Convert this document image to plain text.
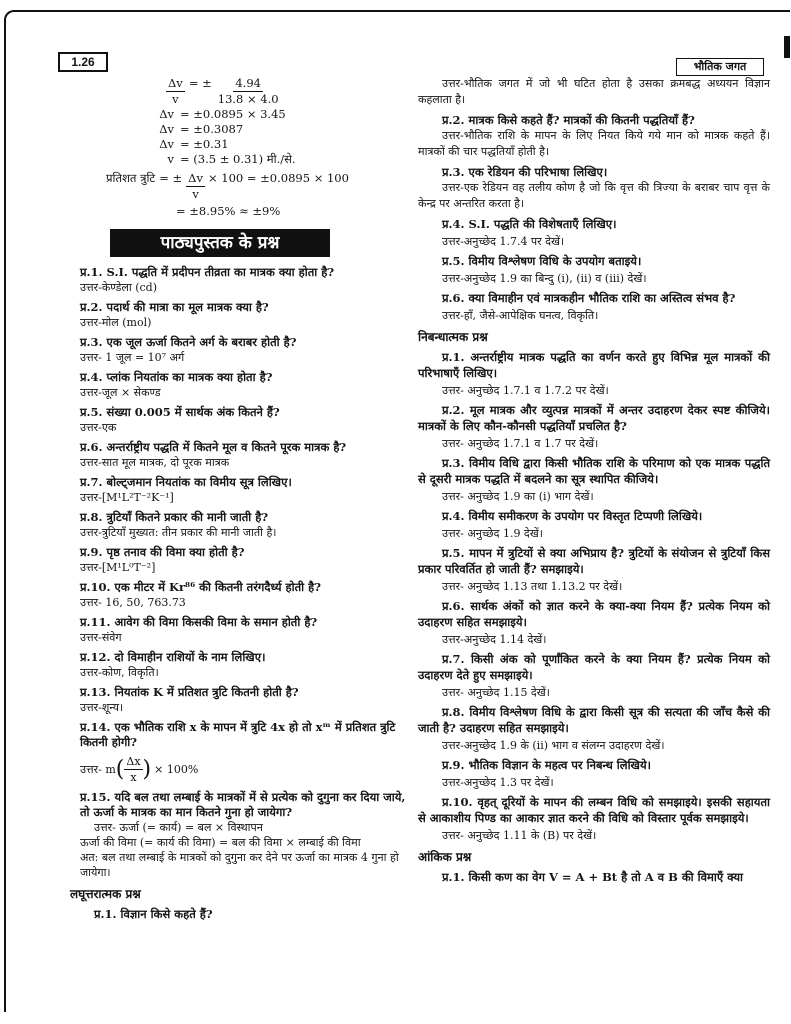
1.26	भौतिक जगत
$\frac{\Delta v}{v}$ = ± $\frac{4.94}{13.8 \times 4.0}$
Δv = ±0.0895 × 3.45
Δv = ±0.3087
Δv = ±0.31
v = (3.5 ± 0.31) मी./से.
प्रतिशत त्रुटि = ± $\frac{\Delta v}{v} \times 100 = \pm 0.0895 \times 100$
= ±8.95% ≈ ±9%
पाठ्यपुस्तक के प्रश्न
प्र.1. S.I. पद्धति में प्रदीपन तीव्रता का मात्रक क्या होता है?
उत्तर-केण्डेला (cd)
प्र.2. पदार्थ की मात्रा का मूल मात्रक क्या है?
उत्तर-मोल (mol)
प्र.3. एक जूल ऊर्जा कितने अर्ग के बराबर होती है?
उत्तर- 1 जूल = 10⁷ अर्ग
प्र.4. प्लांक नियतांक का मात्रक क्या होता है?
उत्तर-जूल × सेकण्ड
प्र.5. संख्या 0.005 में सार्थक अंक कितने हैं?
उत्तर-एक
प्र.6. अन्तर्राष्ट्रीय पद्धति में कितने मूल व कितने पूरक मात्रक है?
उत्तर-सात मूल मात्रक, दो पूरक मात्रक
प्र.7. बोल्ट्जमान नियतांक का विमीय सूत्र लिखिए।
उत्तर-[M¹L²T⁻²K⁻¹]
प्र.8. त्रुटियाँ कितने प्रकार की मानी जाती है?
उत्तर-त्रुटियाँ मुख्यत: तीन प्रकार की मानी जाती है।
प्र.9. पृष्ठ तनाव की विमा क्या होती है?
उत्तर-[M¹L⁰T⁻²]
प्र.10. एक मीटर में Kr⁸⁶ की कितनी तरंगदैर्ध्य होती है?
उत्तर- 16, 50, 763.73
प्र.11. आवेग की विमा किसकी विमा के समान होती है?
उत्तर-संवेग
प्र.12. दो विमाहीन राशियों के नाम लिखिए।
उत्तर-कोण, विकृति।
प्र.13. नियतांक K में प्रतिशत त्रुटि कितनी होती है?
उत्तर-शून्य।
प्र.14. एक भौतिक राशि x के मापन में त्रुटि 4x हो तो xᵐ में प्रतिशत त्रुटि कितनी होगी?
उत्तर- m ( $\frac{\Delta x}{x}$ ) × 100%
प्र.15. यदि बल तथा लम्बाई के मात्रकों में से प्रत्येक को दुगुना कर दिया जाये, तो ऊर्जा के मात्रक का मान कितने गुना हो जायेगा?
उत्तर- ऊर्जा (= कार्य) = बल × विस्थापन
ऊर्जा की विमा (= कार्य की विमा) = बल की विमा × लम्बाई की विमा
अत: बल तथा लम्बाई के मात्रकों को दुगुना कर देने पर ऊर्जा का मात्रक 4 गुना हो जायेगा।
लघूत्तरात्मक प्रश्न
प्र.1. विज्ञान किसे कहते हैं?
उत्तर-भौतिक जगत में जो भी घटित होता है उसका क्रमबद्ध अध्ययन विज्ञान कहलाता है।
प्र.2. मात्रक किसे कहते हैं? मात्रकों की कितनी पद्धतियाँ हैं?
उत्तर-भौतिक राशि के मापन के लिए नियत किये गये मान को मात्रक कहते हैं। मात्रकों की चार पद्धतियाँ होती है।
प्र.3. एक रेडियन की परिभाषा लिखिए।
उत्तर-एक रेडियन वह तलीय कोण है जो कि वृत्त की त्रिज्या के बराबर चाप वृत्त के केन्द्र पर अन्तरित करता है।
प्र.4. S.I. पद्धति की विशेषताएँ लिखिए।
उत्तर-अनुच्छेद 1.7.4 पर देखें।
प्र.5. विमीय विश्लेषण विधि के उपयोग बताइये।
उत्तर-अनुच्छेद 1.9 का बिन्दु (i), (ii) व (iii) देखें।
प्र.6. क्या विमाहीन एवं मात्रकहीन भौतिक राशि का अस्तित्व संभव है?
उत्तर-हाँ, जैसे-आपेक्षिक घनत्व, विकृति।
निबन्धात्मक प्रश्न
प्र.1. अन्तर्राष्ट्रीय मात्रक पद्धति का वर्णन करते हुए विभिन्न मूल मात्रकों की परिभाषाएँ लिखिए।
उत्तर- अनुच्छेद 1.7.1 व 1.7.2 पर देखें।
प्र.2. मूल मात्रक और व्युत्पन्न मात्रकों में अन्तर उदाहरण देकर स्पष्ट कीजिये। मात्रकों के लिए कौन-कौनसी पद्धतियाँ प्रचलित है?
उत्तर- अनुच्छेद 1.7.1 व 1.7 पर देखें।
प्र.3. विमीय विधि द्वारा किसी भौतिक राशि के परिमाण को एक मात्रक पद्धति से दूसरी मात्रक पद्धति में बदलने का सूत्र स्थापित कीजिये।
उत्तर- अनुच्छेद 1.9 का (i) भाग देखें।
प्र.4. विमीय समीकरण के उपयोग पर विस्तृत टिप्पणी लिखिये।
उत्तर- अनुच्छेद 1.9 देखें।
प्र.5. मापन में त्रुटियों से क्या अभिप्राय है? त्रुटियों के संयोजन से त्रुटियाँ किस प्रकार परिवर्तित हो जाती हैं? समझाइये।
उत्तर- अनुच्छेद 1.13 तथा 1.13.2 पर देखें।
प्र.6. सार्थक अंकों को ज्ञात करने के क्या-क्या नियम हैं? प्रत्येक नियम को उदाहरण सहित समझाइये।
उत्तर-अनुच्छेद 1.14 देखें।
प्र.7. किसी अंक को पूर्णांकित करने के क्या नियम हैं? प्रत्येक नियम को उदाहरण देते हुए समझाइये।
उत्तर- अनुच्छेद 1.15 देखें।
प्र.8. विमीय विश्लेषण विधि के द्वारा किसी सूत्र की सत्यता की जाँच कैसे की जाती है? उदाहरण सहित समझाइये।
उत्तर-अनुच्छेद 1.9 के (ii) भाग व संलग्न उदाहरण देखें।
प्र.9. भौतिक विज्ञान के महत्व पर निबन्ध लिखिये।
उत्तर-अनुच्छेद 1.3 पर देखें।
प्र.10. वृहत् दूरियों के मापन की लम्बन विधि को समझाइये। इसकी सहायता से आकाशीय पिण्ड का आकार ज्ञात करने की विधि को विस्तार पूर्वक समझाइये।
उत्तर- अनुच्छेद 1.11 के (B) पर देखें।
आंकिक प्रश्न
प्र.1. किसी कण का वेग V = A + Bt है तो A व B की विमाएँ क्या
